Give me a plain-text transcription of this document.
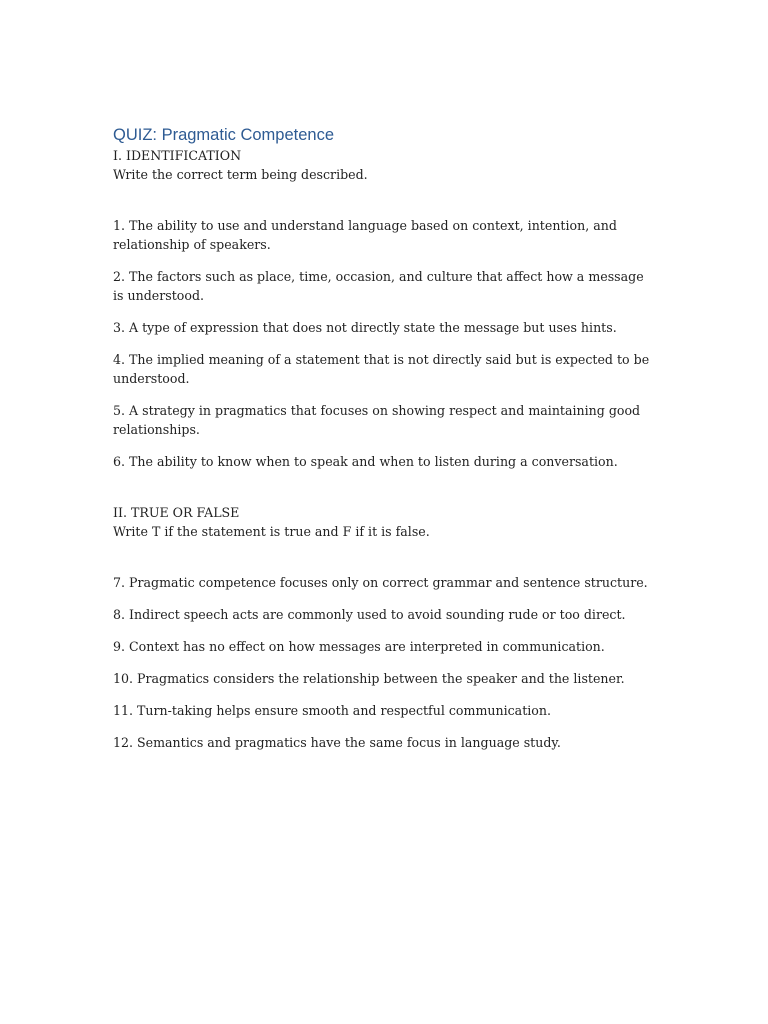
QUIZ: Pragmatic Competence

I. IDENTIFICATION

Write the correct term being described.

1. The ability to use and understand language based on context, intention, and relationship of speakers.

2. The factors such as place, time, occasion, and culture that affect how a message is understood.

3. A type of expression that does not directly state the message but uses hints.

4. The implied meaning of a statement that is not directly said but is expected to be understood.

5. A strategy in pragmatics that focuses on showing respect and maintaining good relationships.

6. The ability to know when to speak and when to listen during a conversation.

II. TRUE OR FALSE

Write T if the statement is true and F if it is false.

7. Pragmatic competence focuses only on correct grammar and sentence structure.

8. Indirect speech acts are commonly used to avoid sounding rude or too direct.

9. Context has no effect on how messages are interpreted in communication.

10. Pragmatics considers the relationship between the speaker and the listener.

11. Turn-taking helps ensure smooth and respectful communication.

12. Semantics and pragmatics have the same focus in language study.
